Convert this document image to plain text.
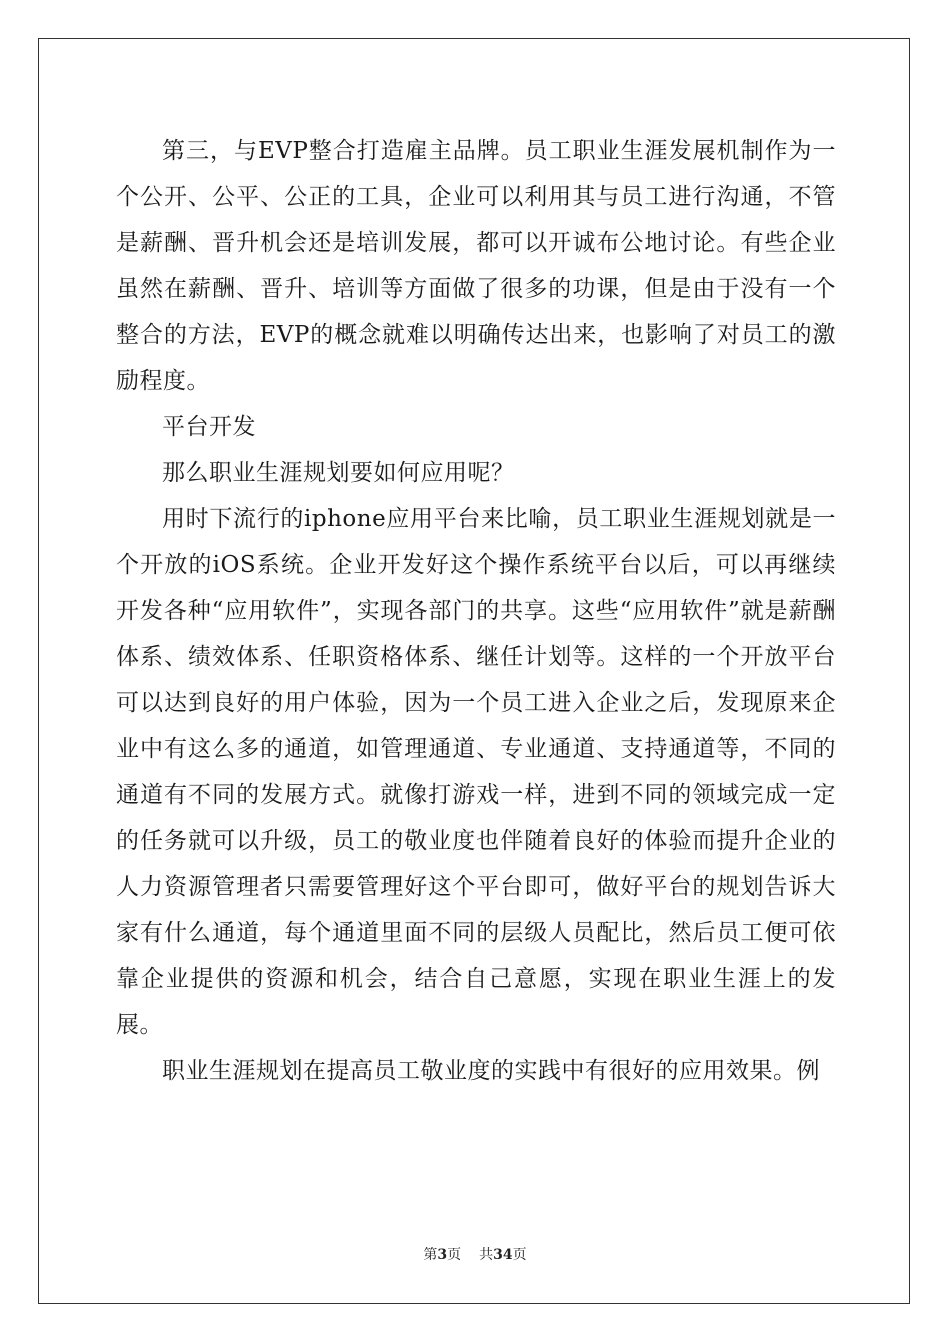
第三，与EVP整合打造雇主品牌。员工职业生涯发展机制作为一个公开、公平、公正的工具，企业可以利用其与员工进行沟通，不管是薪酬、晋升机会还是培训发展，都可以开诚布公地讨论。有些企业虽然在薪酬、晋升、培训等方面做了很多的功课，但是由于没有一个整合的方法，EVP的概念就难以明确传达出来，也影响了对员工的激励程度。

平台开发

那么职业生涯规划要如何应用呢？

用时下流行的iphone应用平台来比喻，员工职业生涯规划就是一个开放的iOS系统。企业开发好这个操作系统平台以后，可以再继续开发各种“应用软件”，实现各部门的共享。这些“应用软件”就是薪酬体系、绩效体系、任职资格体系、继任计划等。这样的一个开放平台可以达到良好的用户体验，因为一个员工进入企业之后，发现原来企业中有这么多的通道，如管理通道、专业通道、支持通道等，不同的通道有不同的发展方式。就像打游戏一样，进到不同的领域完成一定的任务就可以升级，员工的敬业度也伴随着良好的体验而提升企业的人力资源管理者只需要管理好这个平台即可，做好平台的规划告诉大家有什么通道，每个通道里面不同的层级人员配比，然后员工便可依靠企业提供的资源和机会，结合自己意愿，实现在职业生涯上的发展。

职业生涯规划在提高员工敬业度的实践中有很好的应用效果。例

第3页 共34页
